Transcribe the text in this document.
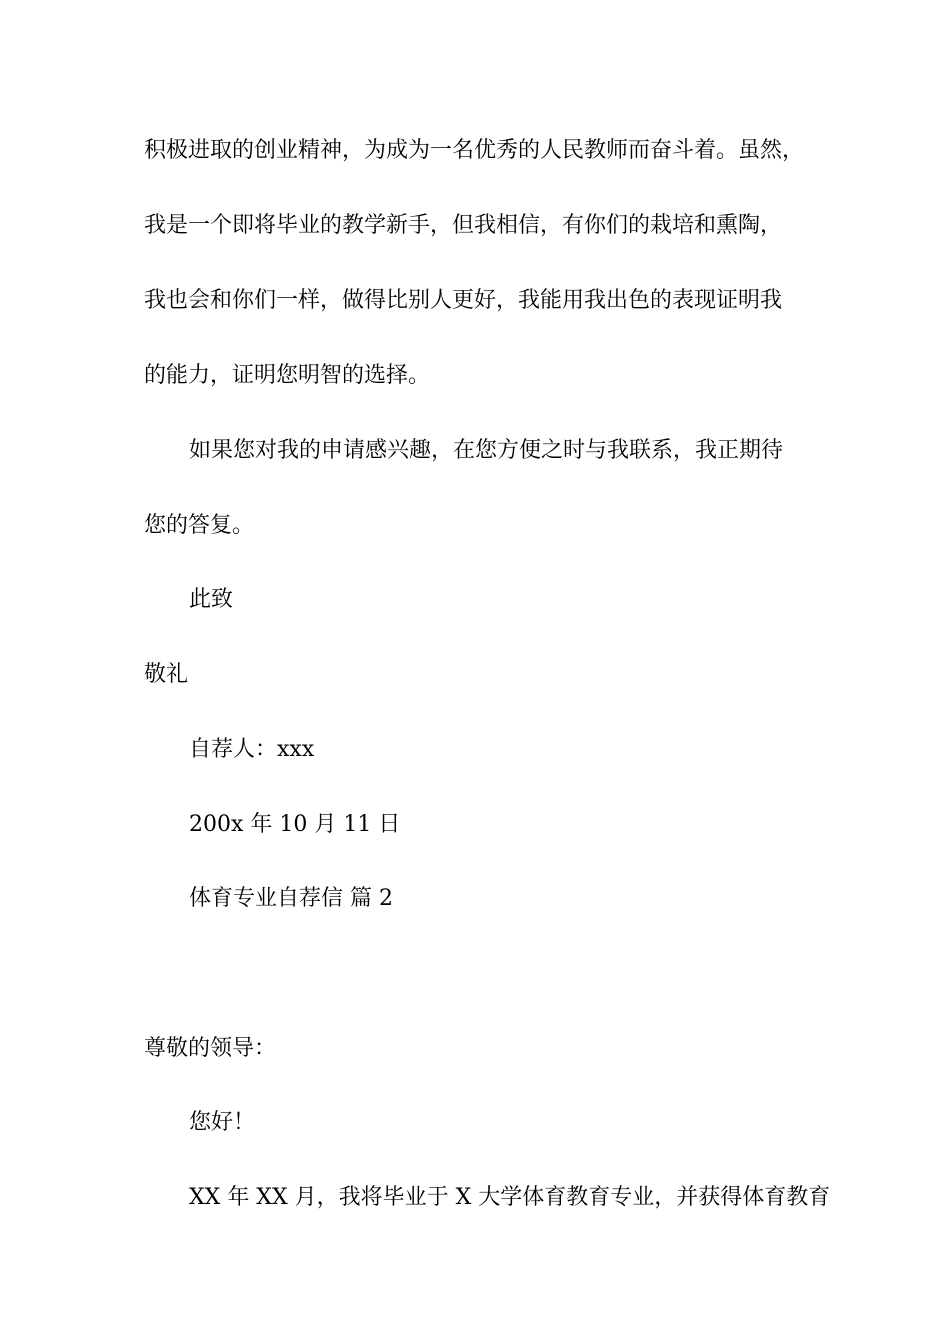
积极进取的创业精神，为成为一名优秀的人民教师而奋斗着。虽然，
我是一个即将毕业的教学新手，但我相信，有你们的栽培和熏陶，
我也会和你们一样，做得比别人更好，我能用我出色的表现证明我
的能力，证明您明智的选择。
如果您对我的申请感兴趣，在您方便之时与我联系，我正期待
您的答复。
此致
敬礼
自荐人：xxx
200x 年 10 月 11 日
体育专业自荐信 篇 2
尊敬的领导：
您好！
XX 年 XX 月，我将毕业于 X 大学体育教育专业，并获得体育教育
